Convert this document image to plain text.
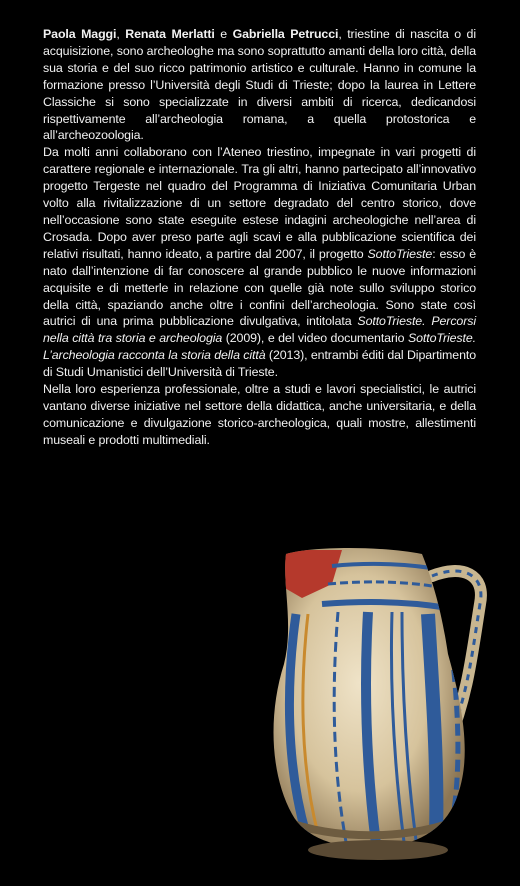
Paola Maggi, Renata Merlatti e Gabriella Petrucci, triestine di nascita o di acquisizione, sono archeologhe ma sono soprattutto amanti della loro città, della sua storia e del suo ricco patrimonio artistico e culturale. Hanno in comune la formazione presso l’Università degli Studi di Trieste; dopo la laurea in Lettere Classiche si sono specializzate in diversi ambiti di ricerca, dedicandosi rispettivamente all’archeologia romana, a quella protostorica e all’archeozoologia.

Da molti anni collaborano con l’Ateneo triestino, impegnate in vari progetti di carattere regionale e internazionale. Tra gli altri, hanno partecipato all’innovativo progetto Tergeste nel quadro del Programma di Iniziativa Comunitaria Urban volto alla rivitalizzazione di un settore degradato del centro storico, dove nell’occasione sono state eseguite estese indagini archeologiche nell’area di Crosada. Dopo aver preso parte agli scavi e alla pubblicazione scientifica dei relativi risultati, hanno ideato, a partire dal 2007, il progetto SottoTrieste: esso è nato dall’intenzione di far conoscere al grande pubblico le nuove informazioni acquisite e di metterle in relazione con quelle già note sullo sviluppo storico della città, spaziando anche oltre i confini dell’archeologia. Sono state così autrici di una prima pubblicazione divulgativa, intitolata SottoTrieste. Percorsi nella città tra storia e archeologia (2009), e del video documentario SottoTrieste. L’archeologia racconta la storia della città (2013), entrambi éditi dal Dipartimento di Studi Umanistici dell’Università di Trieste.

Nella loro esperienza professionale, oltre a studi e lavori specialistici, le autrici vantano diverse iniziative nel settore della didattica, anche universitaria, e della comunicazione e divulgazione storico-archeologica, quali mostre, allestimenti museali e prodotti multimediali.
